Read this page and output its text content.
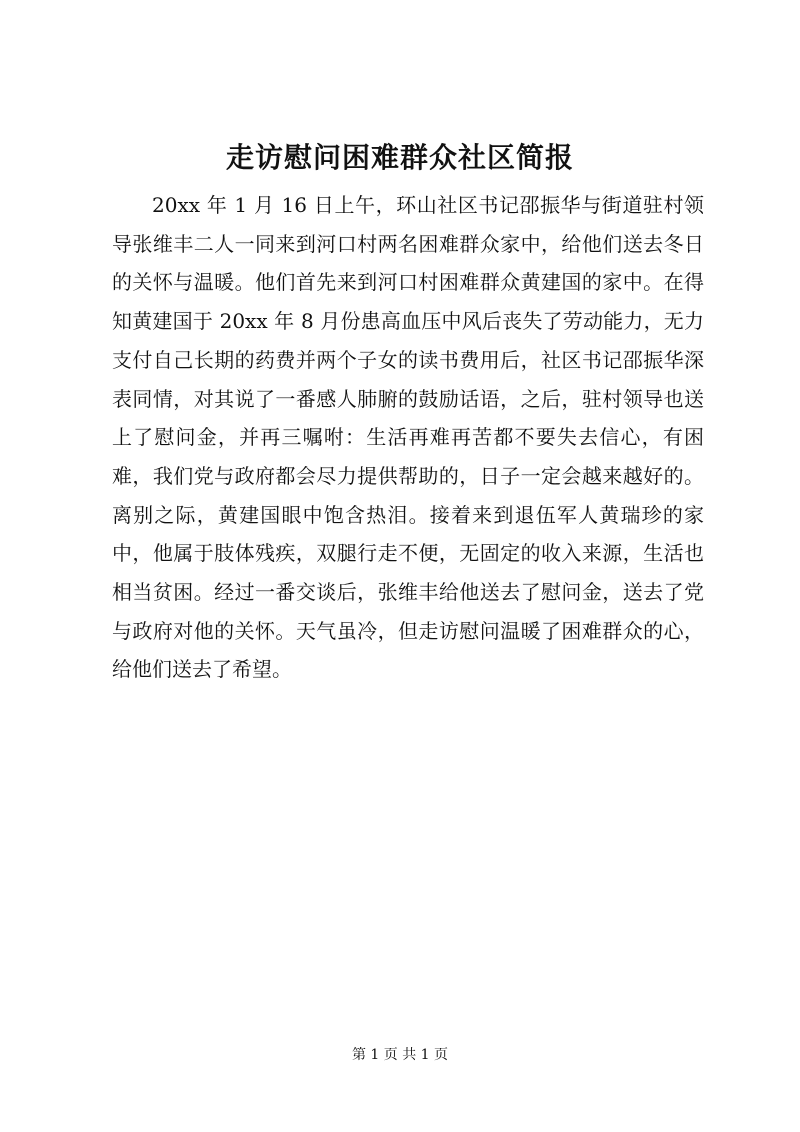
走访慰问困难群众社区简报

20xx 年 1 月 16 日上午，环山社区书记邵振华与街道驻村领导张维丰二人一同来到河口村两名困难群众家中，给他们送去冬日的关怀与温暖。他们首先来到河口村困难群众黄建国的家中。在得知黄建国于 20xx 年 8 月份患高血压中风后丧失了劳动能力，无力支付自己长期的药费并两个子女的读书费用后，社区书记邵振华深表同情，对其说了一番感人肺腑的鼓励话语，之后，驻村领导也送上了慰问金，并再三嘱咐：生活再难再苦都不要失去信心，有困难，我们党与政府都会尽力提供帮助的，日子一定会越来越好的。离别之际，黄建国眼中饱含热泪。接着来到退伍军人黄瑞珍的家中，他属于肢体残疾，双腿行走不便，无固定的收入来源，生活也相当贫困。经过一番交谈后，张维丰给他送去了慰问金，送去了党与政府对他的关怀。天气虽冷，但走访慰问温暖了困难群众的心，给他们送去了希望。

第 1 页 共 1 页
